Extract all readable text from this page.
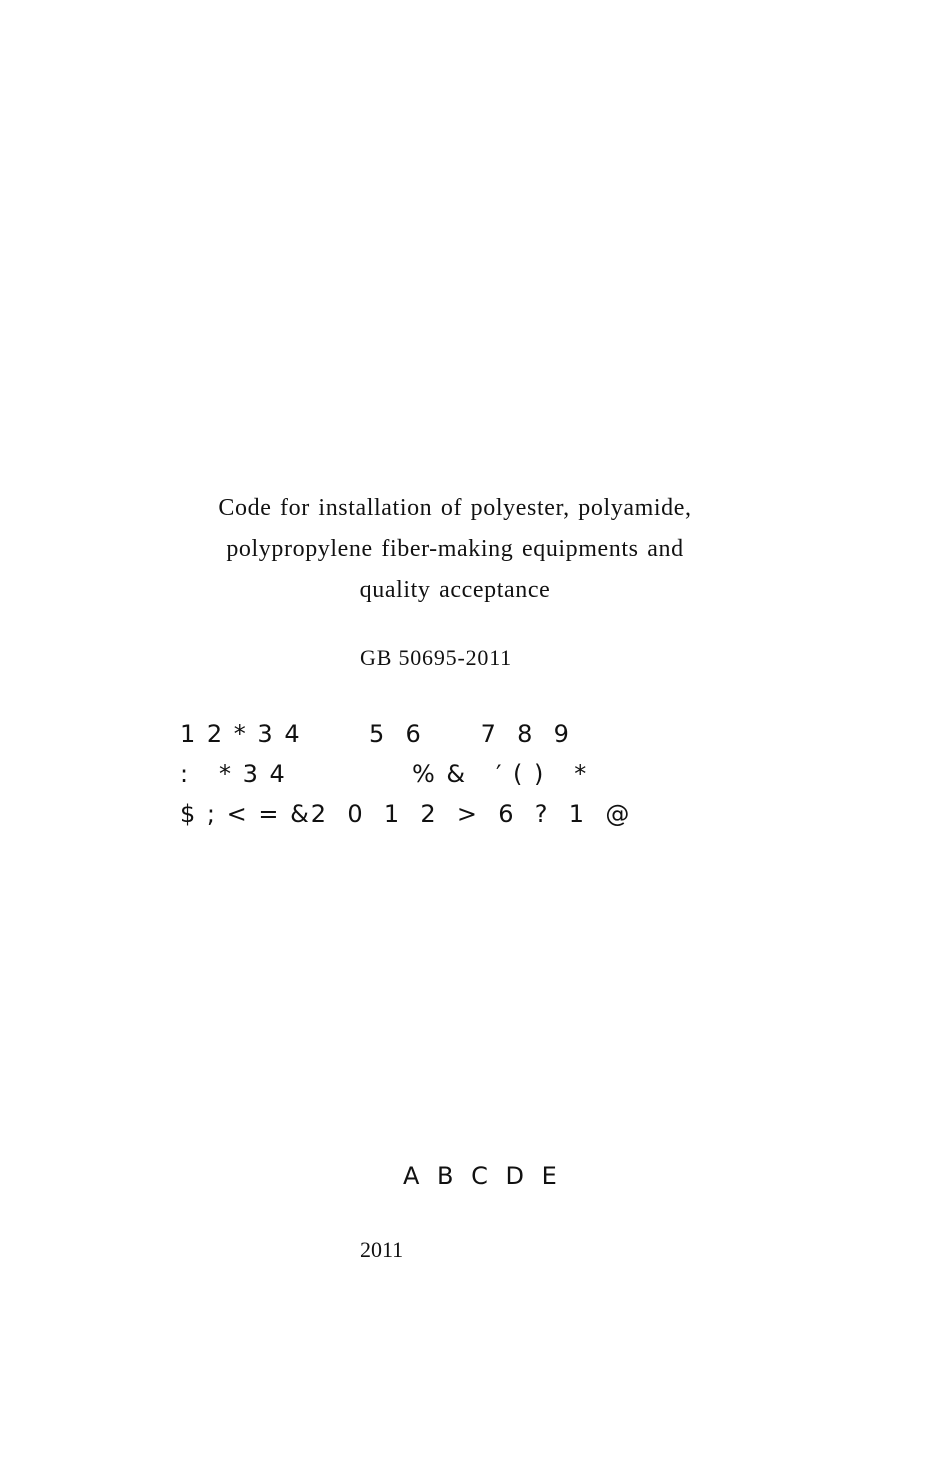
Code for installation of polyester, polyamide,
polypropylene fiber-making equipments and
quality acceptance
GB 50695-2011
1 2 * 3 4       5  6      7  8  9
:   * 3 4             % &   ′ ( )   *
$ ; < = &2  0  1  2  >  6  ?  1  @
A B C D E
2011
